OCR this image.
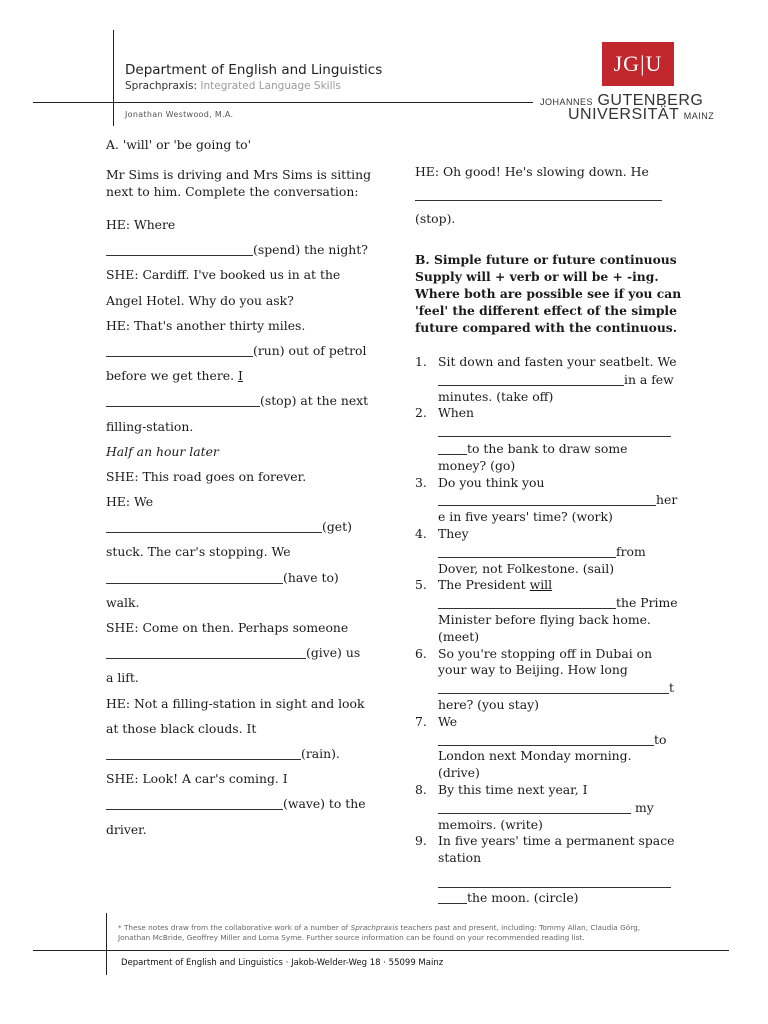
Department of English and Linguistics
Sprachpraxis: Integrated Language Skills
Jonathan Westwood, M.A.
JG|U
JOHANNES GUTENBERG
UNIVERSITÄT MAINZ
A. 'will' or 'be going to'
Mr Sims is driving and Mrs Sims is sitting next to him. Complete the conversation:
HE: Where
(spend) the night?
SHE: Cardiff. I've booked us in at the
Angel Hotel. Why do you ask?
HE: That's another thirty miles.
(run) out of petrol
before we get there. I
(stop) at the next
filling-station.
Half an hour later
SHE: This road goes on forever.
HE: We
(get)
stuck. The car's stopping. We
(have to)
walk.
SHE: Come on then. Perhaps someone
(give) us
a lift.
HE: Not a filling-station in sight and look
at those black clouds. It
(rain).
SHE: Look! A car's coming. I
(wave) to the
driver.
HE: Oh good! He's slowing down. He
(stop).
B. Simple future or future continuous
Supply will + verb or will be + -ing.
Where both are possible see if you can
'feel' the different effect of the simple
future compared with the continuous.
1. Sit down and fasten your seatbelt. We
in a few
minutes. (take off)
2. When
to the bank to draw some
money? (go)
3. Do you think you
her
e in five years' time? (work)
4. They
from
Dover, not Folkestone. (sail)
5. The President will
the Prime
Minister before flying back home.
(meet)
6. So you're stopping off in Dubai on
your way to Beijing. How long
t
here? (you stay)
7. We
to
London next Monday morning.
(drive)
8. By this time next year, I
my
memoirs. (write)
9. In five years' time a permanent space
station
the moon. (circle)
* These notes draw from the collaborative work of a number of Sprachpraxis teachers past and present, including: Tommy Allan, Claudia Görg,
Jonathan McBride, Geoffrey Miller and Lorna Syme. Further source information can be found on your recommended reading list.
Department of English and Linguistics · Jakob-Welder-Weg 18 · 55099 Mainz
